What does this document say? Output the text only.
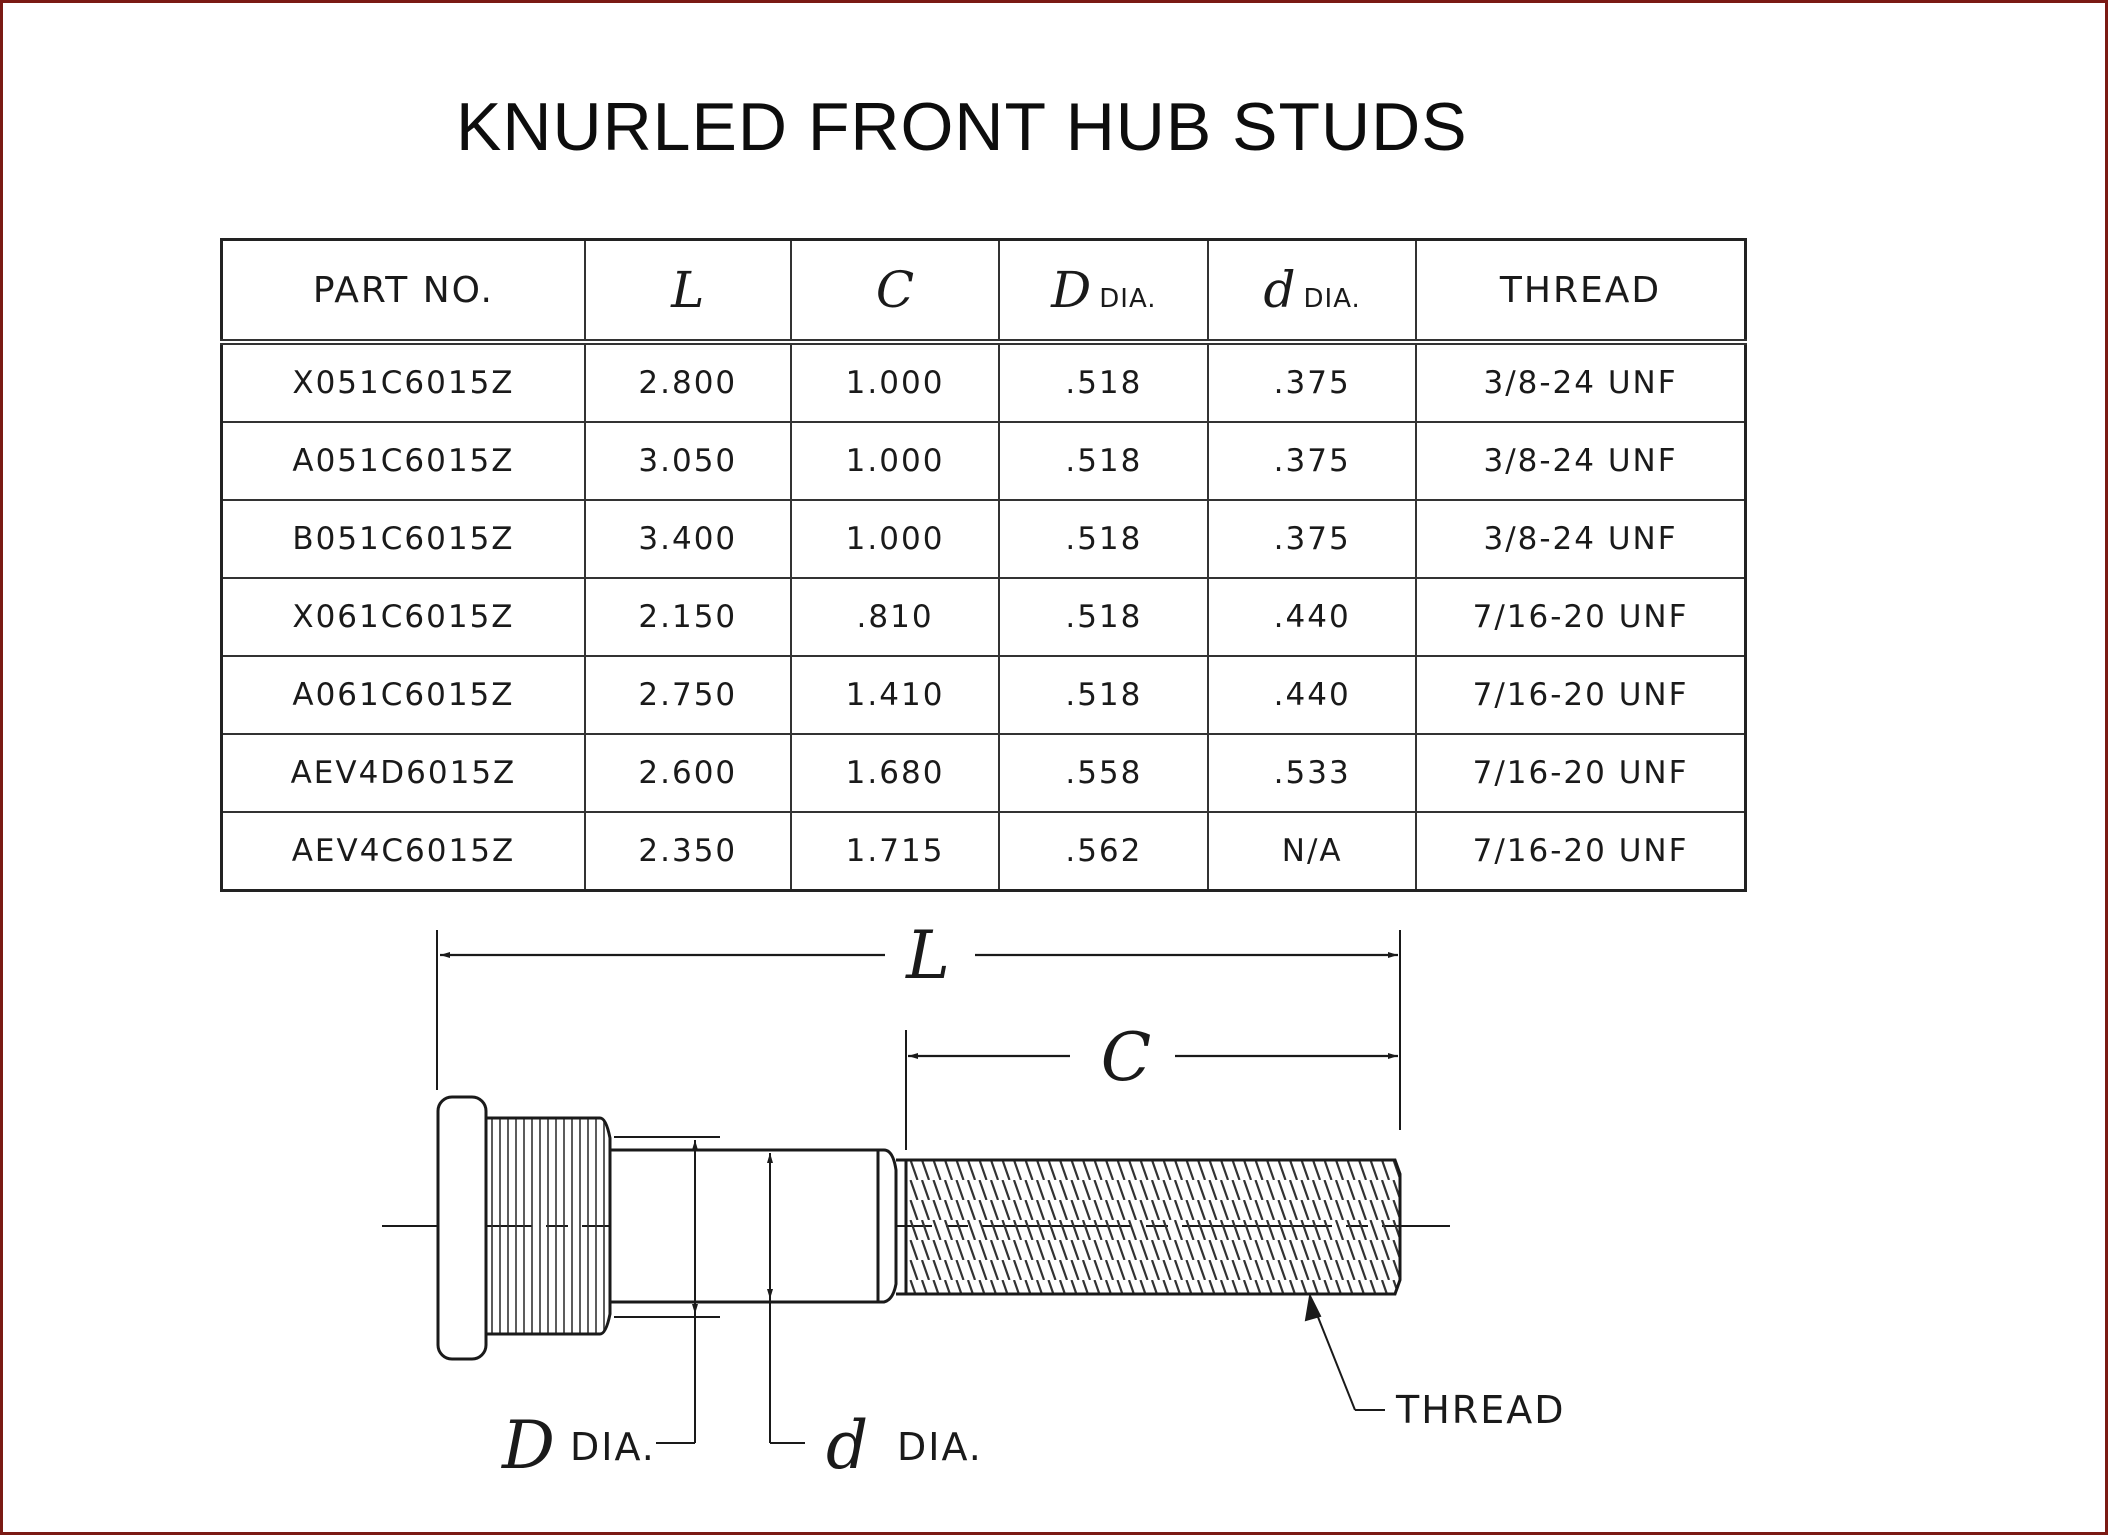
KNURLED FRONT HUB STUDS
PART NO.	L	C	D DIA.	d DIA.	THREAD
X051C6015Z	2.800	1.000	.518	.375	3/8-24 UNF
A051C6015Z	3.050	1.000	.518	.375	3/8-24 UNF
B051C6015Z	3.400	1.000	.518	.375	3/8-24 UNF
X061C6015Z	2.150	.810	.518	.440	7/16-20 UNF
A061C6015Z	2.750	1.410	.518	.440	7/16-20 UNF
AEV4D6015Z	2.600	1.680	.558	.533	7/16-20 UNF
AEV4C6015Z	2.350	1.715	.562	N/A	7/16-20 UNF
L
C
D DIA.	d DIA.
THREAD
